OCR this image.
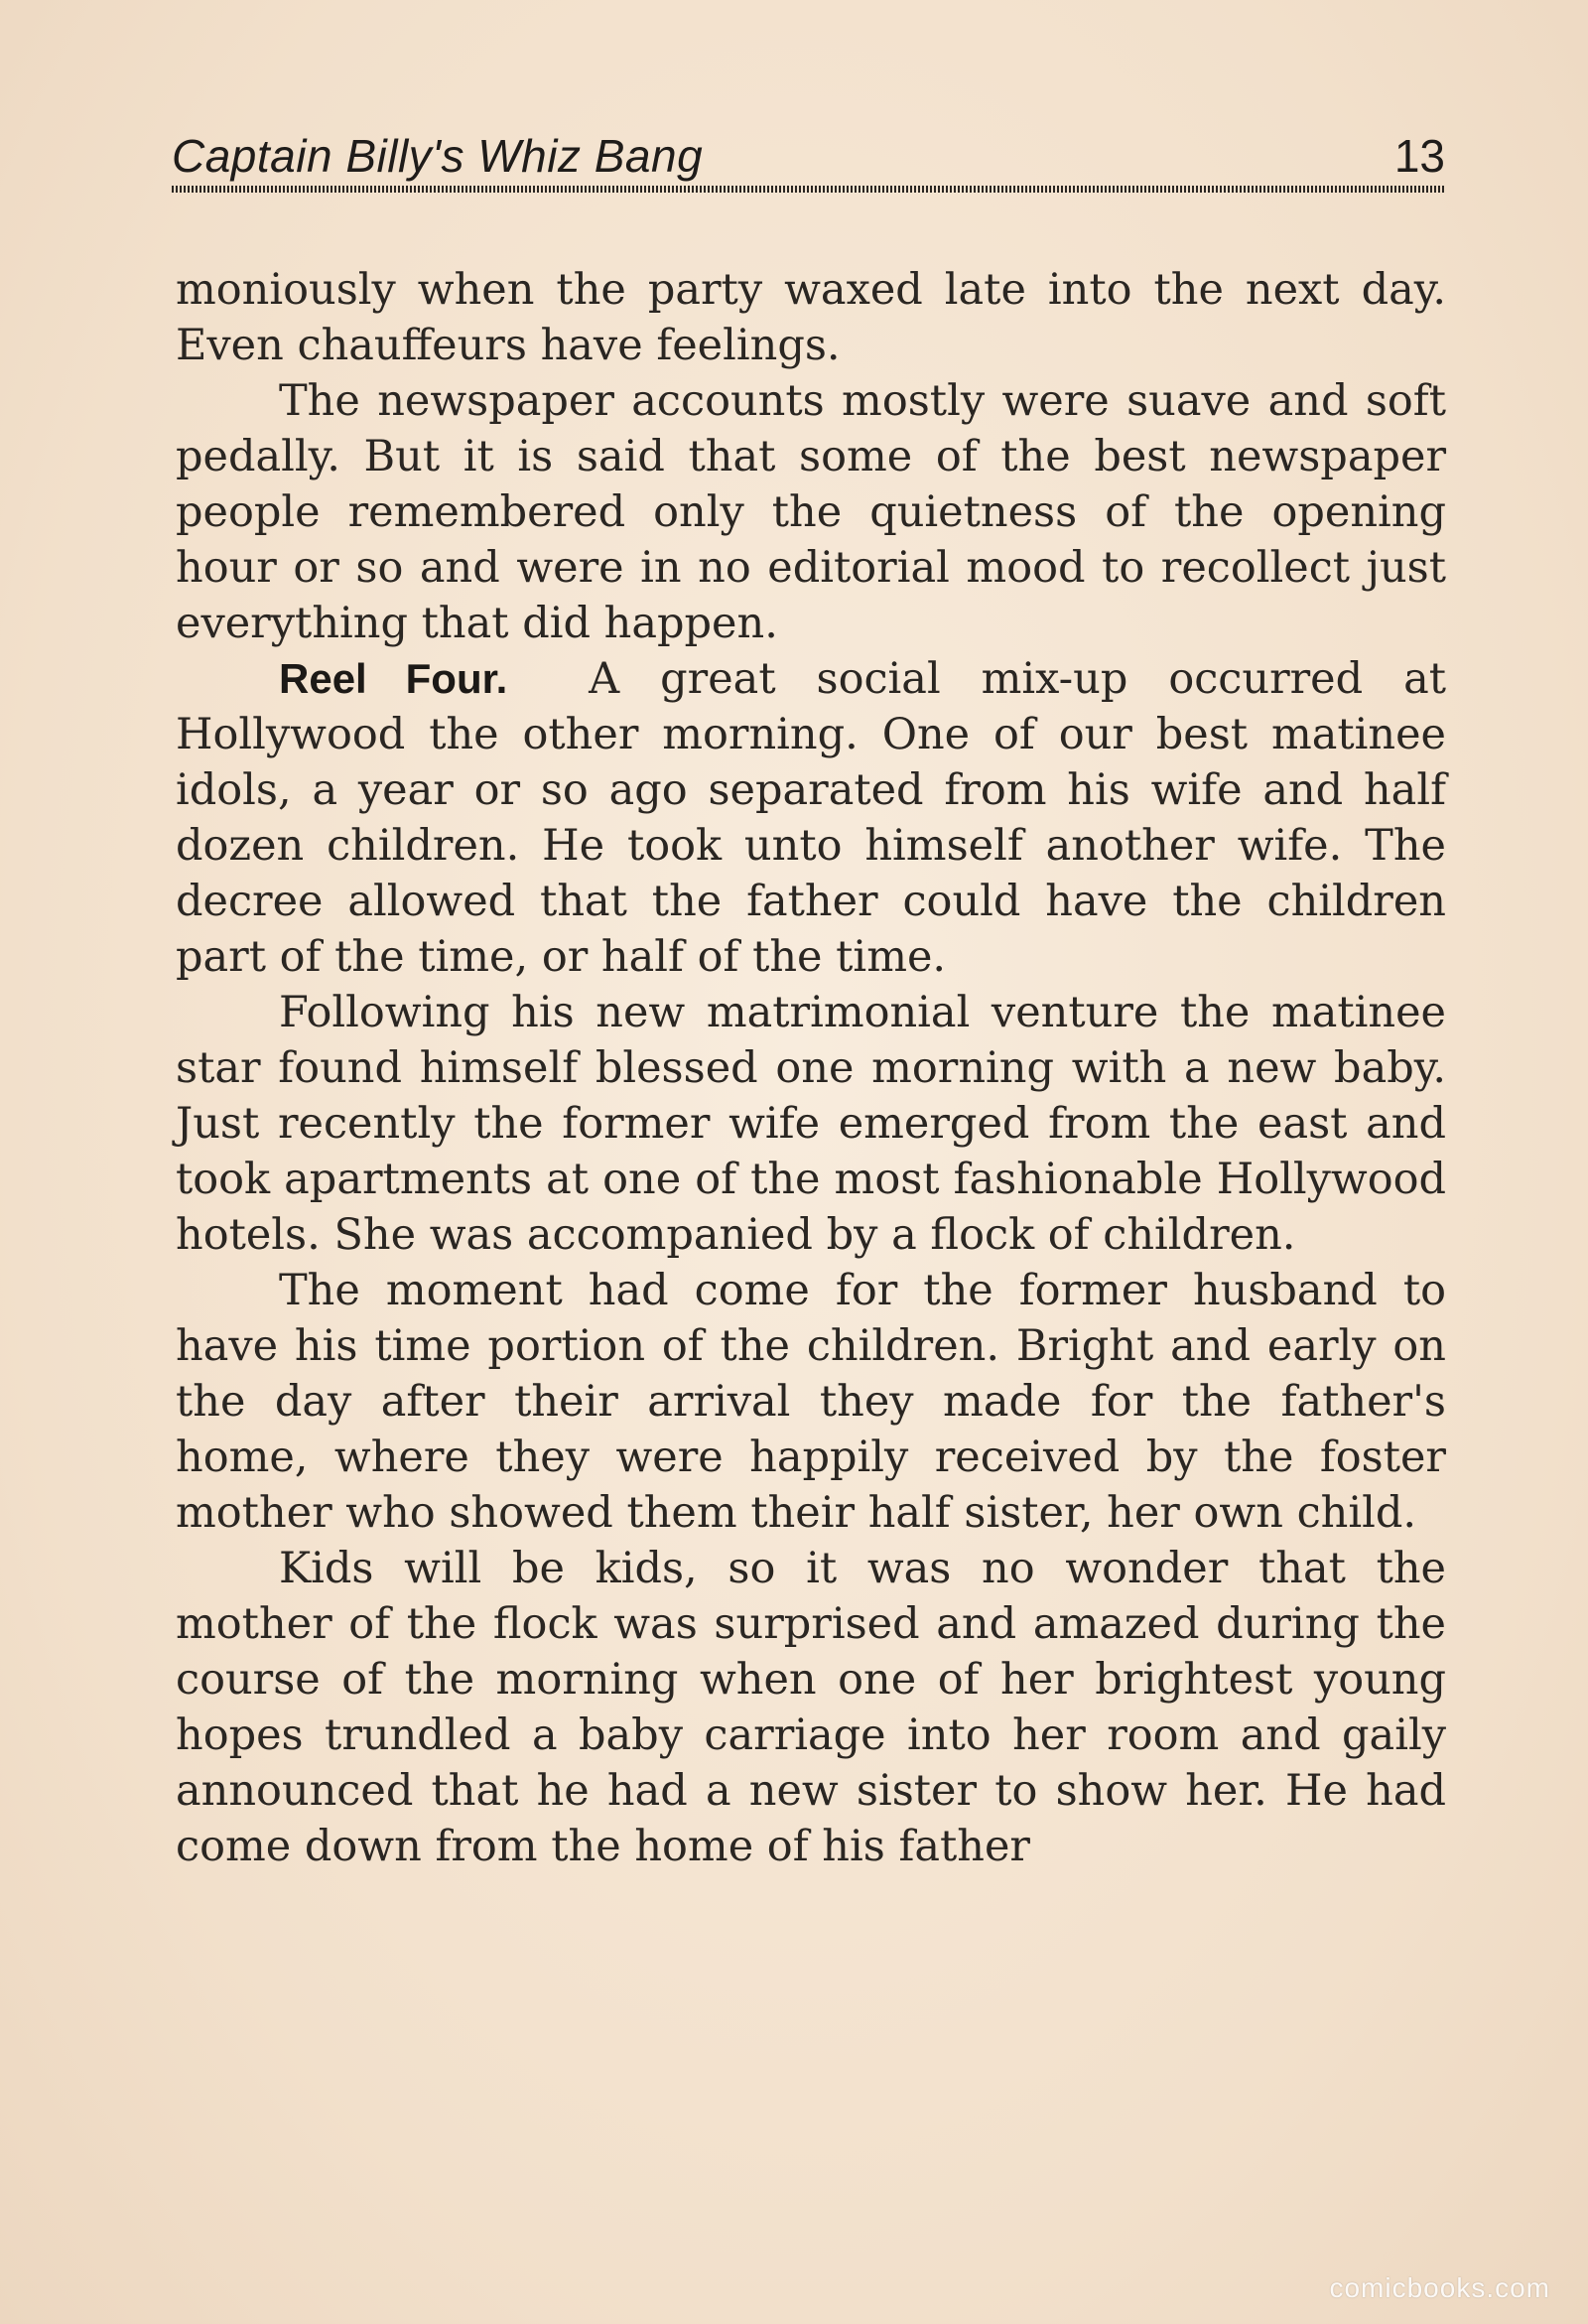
Captain Billy's Whiz Bang	13

moniously when the party waxed late into the next day. Even chauffeurs have feelings.

The newspaper accounts mostly were suave and soft pedally. But it is said that some of the best newspaper people remembered only the quietness of the opening hour or so and were in no editorial mood to recollect just everything that did happen.

Reel Four. A great social mix-up occurred at Hollywood the other morning. One of our best matinee idols, a year or so ago separated from his wife and half dozen children. He took unto himself another wife. The decree allowed that the father could have the children part of the time, or half of the time.

Following his new matrimonial venture the matinee star found himself blessed one morning with a new baby. Just recently the former wife emerged from the east and took apartments at one of the most fashionable Hollywood hotels. She was accompanied by a flock of children.

The moment had come for the former husband to have his time portion of the children. Bright and early on the day after their arrival they made for the father's home, where they were happily received by the foster mother who showed them their half sister, her own child.

Kids will be kids, so it was no wonder that the mother of the flock was surprised and amazed during the course of the morning when one of her brightest young hopes trundled a baby carriage into her room and gaily announced that he had a new sister to show her. He had come down from the home of his father

comicbooks.com
